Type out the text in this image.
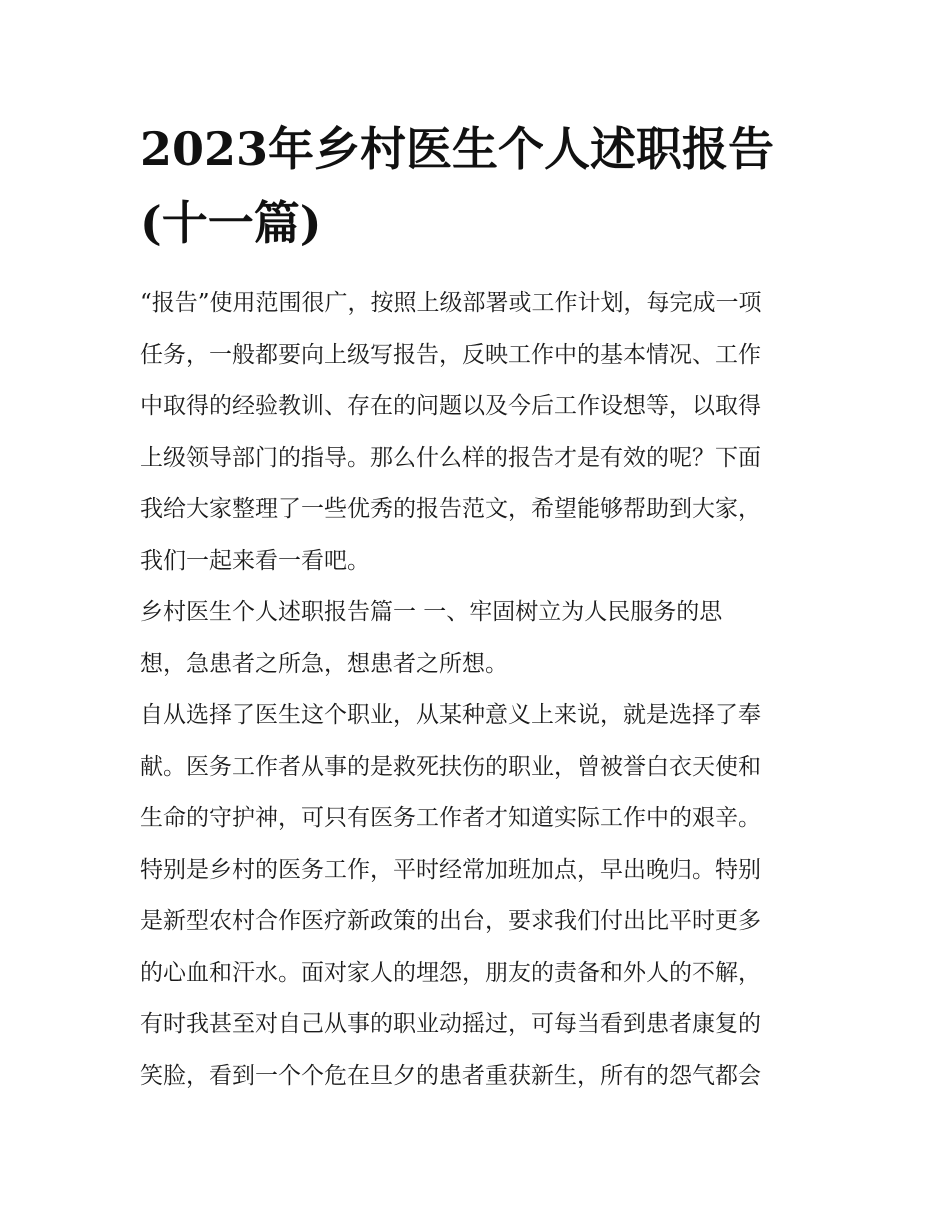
2023年乡村医生个人述职报告
(十一篇)
“报告”使用范围很广，按照上级部署或工作计划，每完成一项
任务，一般都要向上级写报告，反映工作中的基本情况、工作
中取得的经验教训、存在的问题以及今后工作设想等，以取得
上级领导部门的指导。那么什么样的报告才是有效的呢？下面
我给大家整理了一些优秀的报告范文，希望能够帮助到大家，
我们一起来看一看吧。
乡村医生个人述职报告篇一 一、牢固树立为人民服务的思
想，急患者之所急，想患者之所想。
自从选择了医生这个职业，从某种意义上来说，就是选择了奉
献。医务工作者从事的是救死扶伤的职业，曾被誉白衣天使和
生命的守护神，可只有医务工作者才知道实际工作中的艰辛。
特别是乡村的医务工作，平时经常加班加点，早出晚归。特别
是新型农村合作医疗新政策的出台，要求我们付出比平时更多
的心血和汗水。面对家人的埋怨，朋友的责备和外人的不解，
有时我甚至对自己从事的职业动摇过，可每当看到患者康复的
笑脸，看到一个个危在旦夕的患者重获新生，所有的怨气都会
